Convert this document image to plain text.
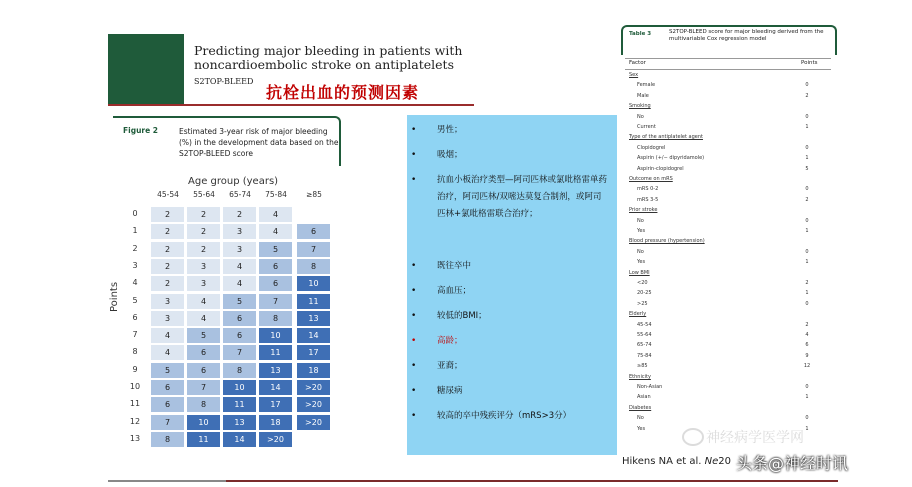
Predicting major bleeding in patients with noncardioembolic stroke on antiplatelets
S2TOP-BLEED
抗栓出血的预测因素
Figure 2	Estimated 3-year risk of major bleeding (%) in the development data based on the S2TOP-BLEED score
Age group (years)
Points
45-54	55-64	65-74	75-84	≥85
0	2	2	2	4
1	2	2	3	4	6
2	2	2	3	5	7
3	2	3	4	6	8
4	2	3	4	6	10
5	3	4	5	7	11
6	3	4	6	8	13
7	4	5	6	10	14
8	4	6	7	11	17
9	5	6	8	13	18
10	6	7	10	14	>20
11	6	8	11	17	>20
12	7	10	13	18	>20
13	8	11	14	>20
• 男性；
• 吸烟；
• 抗血小板治疗类型—阿司匹林或氯吡格雷单药治疗，阿司匹林/双嘧达莫复合制剂，或阿司匹林+氯吡格雷联合治疗；
• 既往卒中
• 高血压；
• 较低的BMI；
• 高龄；
• 亚裔；
• 糖尿病
• 较高的卒中残疾评分（mRS>3分）
Table 3	S2TOP-BLEED score for major bleeding derived from the multivariable Cox regression model
Factor	Points
Sex
Female	0
Male	2
Smoking
No	0
Current	1
Type of the antiplatelet agent
Clopidogrel	0
Aspirin (+/− dipyridamole)	1
Aspirin-clopidogrel	5
Outcome on mRS
mRS 0-2	0
mRS 3-5	2
Prior stroke
No	0
Yes	1
Blood pressure (hypertension)
No	0
Yes	1
Low BMI
<20	2
20-25	1
>25	0
Elderly
45-54	2
55-64	4
65-74	6
75-84	9
≥85	12
Ethnicity
Non-Asian	0
Asian	1
Diabetes
No	0
Yes	1
Hikens NA et al. Ne20
神经病学医学网
头条@神经时讯
